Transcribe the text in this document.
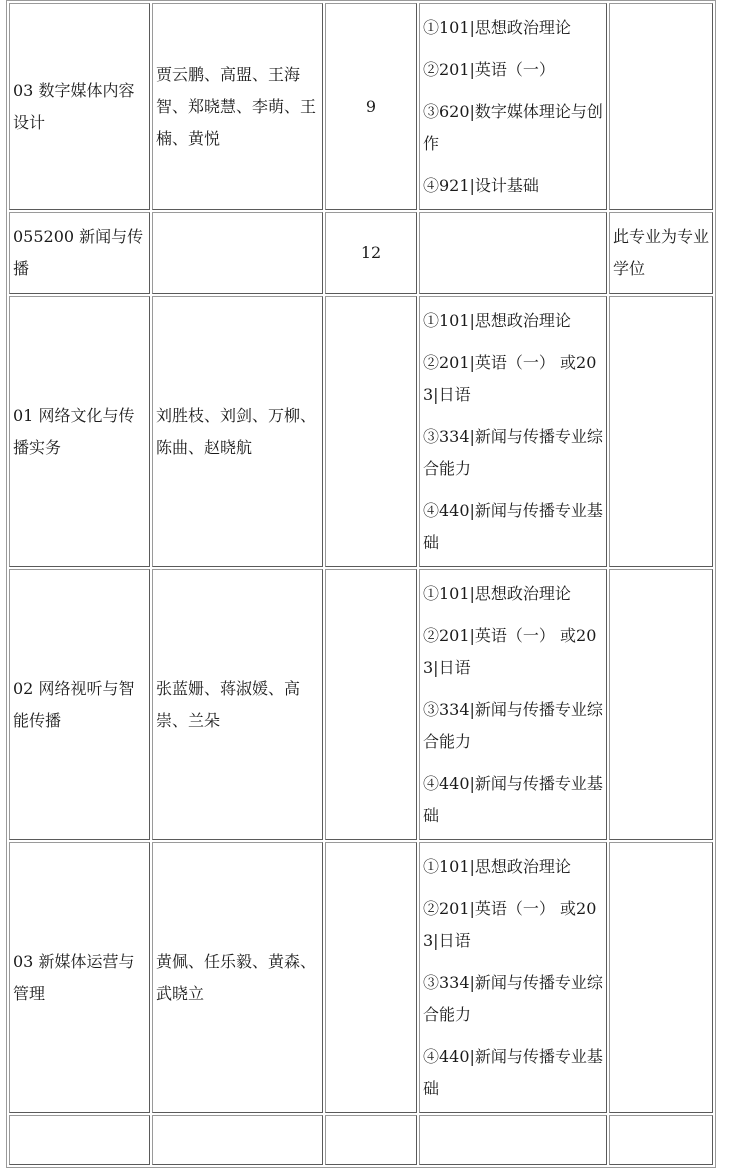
03 数字媒体内容设计	贾云鹏、高盟、王海智、郑晓慧、李萌、王楠、黄悦	9	①101|思想政治理论
②201|英语（一）
③620|数字媒体理论与创作
④921|设计基础	

055200 新闻与传播		12		此专业为专业学位
01 网络文化与传播实务	刘胜枝、刘剑、万柳、陈曲、赵晓航		①101|思想政治理论
②201|英语（一） 或203|日语
③334|新闻与传播专业综合能力
④440|新闻与传播专业基础	

02 网络视听与智能传播	张蓝姗、蒋淑媛、高崇、兰朵		①101|思想政治理论
②201|英语（一） 或203|日语
③334|新闻与传播专业综合能力
④440|新闻与传播专业基础	

03 新媒体运营与管理	黄佩、任乐毅、黄森、武晓立		①101|思想政治理论
②201|英语（一） 或203|日语
③334|新闻与传播专业综合能力
④440|新闻与传播专业基础	
